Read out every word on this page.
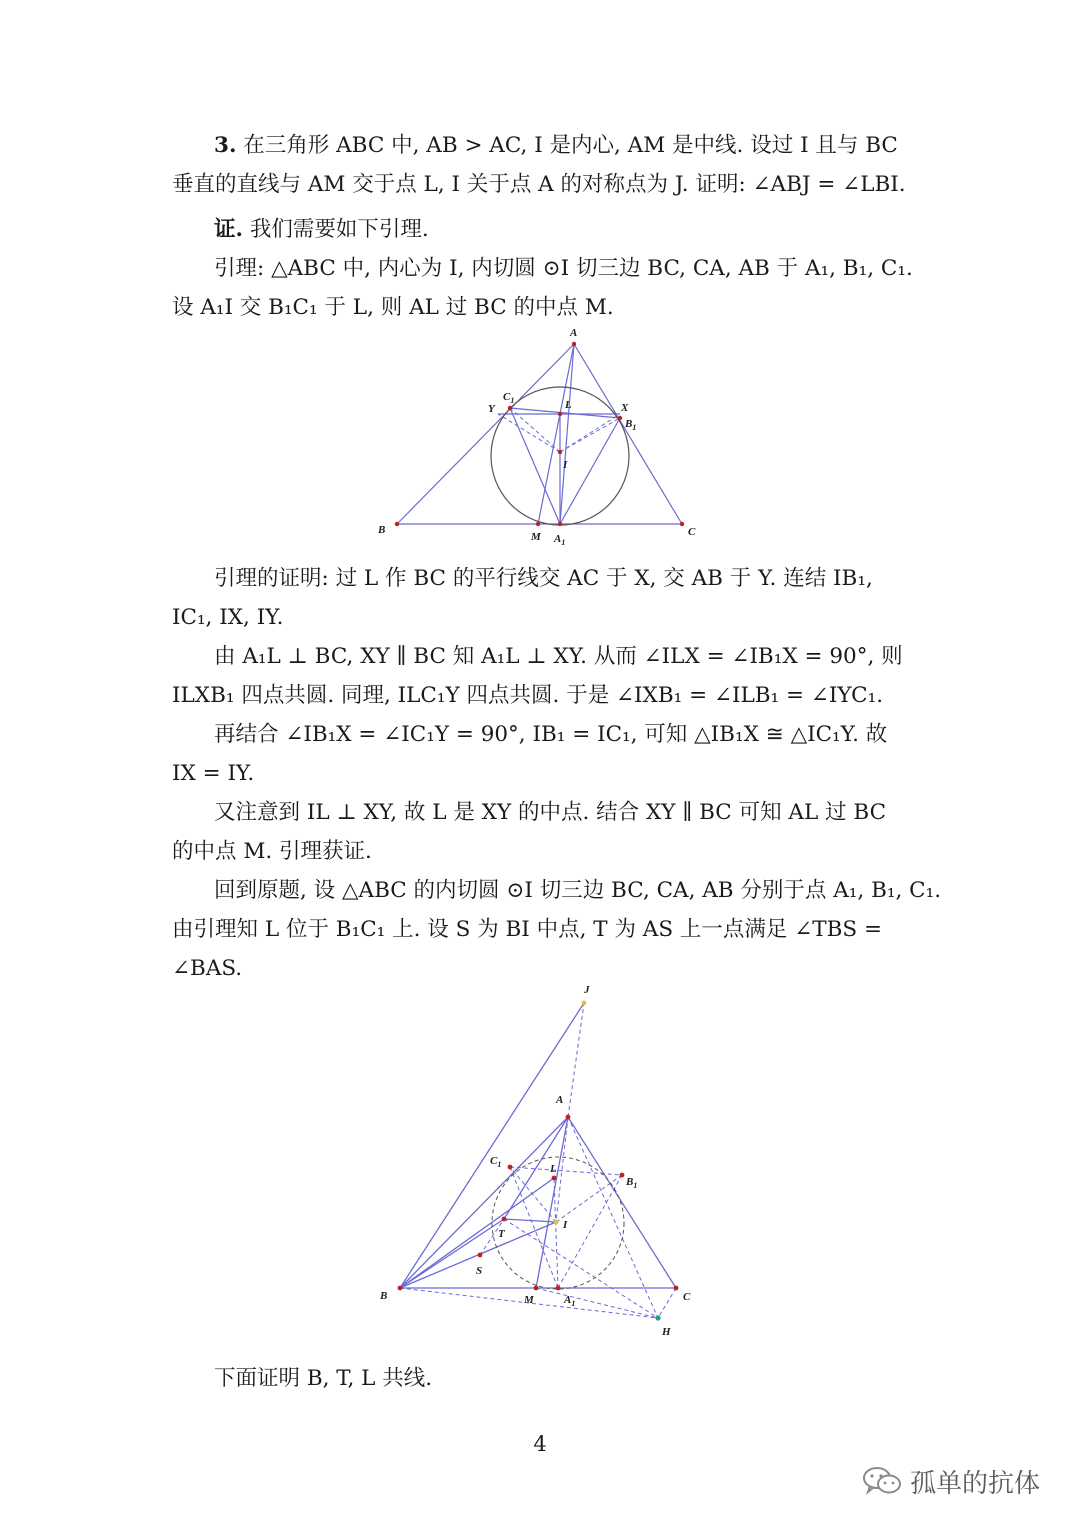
3. 在三角形 ABC 中, AB > AC, I 是内心, AM 是中线. 设过 I 且与 BC

垂直的直线与 AM 交于点 L, I 关于点 A 的对称点为 J. 证明: ∠ABJ = ∠LBI.

证. 我们需要如下引理.

引理: △ABC 中, 内心为 I, 内切圆 ⊙I 切三边 BC, CA, AB 于 A₁, B₁, C₁.

设 A₁I 交 B₁C₁ 于 L, 则 AL 过 BC 的中点 M.

A
B	C
$C_1$
$B_1$
L	X
Y
I
M $A_1$

引理的证明: 过 L 作 BC 的平行线交 AC 于 X, 交 AB 于 Y. 连结 IB₁,

IC₁, IX, IY.

由 A₁L ⊥ BC, XY ∥ BC 知 A₁L ⊥ XY. 从而 ∠ILX = ∠IB₁X = 90°, 则

ILXB₁ 四点共圆. 同理, ILC₁Y 四点共圆. 于是 ∠IXB₁ = ∠ILB₁ = ∠IYC₁.

再结合 ∠IB₁X = ∠IC₁Y = 90°, IB₁ = IC₁, 可知 △IB₁X ≅ △IC₁Y. 故

IX = IY.

又注意到 IL ⊥ XY, 故 L 是 XY 的中点. 结合 XY ∥ BC 可知 AL 过 BC

的中点 M. 引理获证.

回到原题, 设 △ABC 的内切圆 ⊙I 切三边 BC, CA, AB 分别于点 A₁, B₁, C₁.

由引理知 L 位于 B₁C₁ 上. 设 S 为 BI 中点, T 为 AS 上一点满足 ∠TBS =

∠BAS.

J
A
$C_1$
$B_1$
L
I
T
S
B	M	$A_1$
C
H

下面证明 B, T, L 共线.

4
孤单的抗体
